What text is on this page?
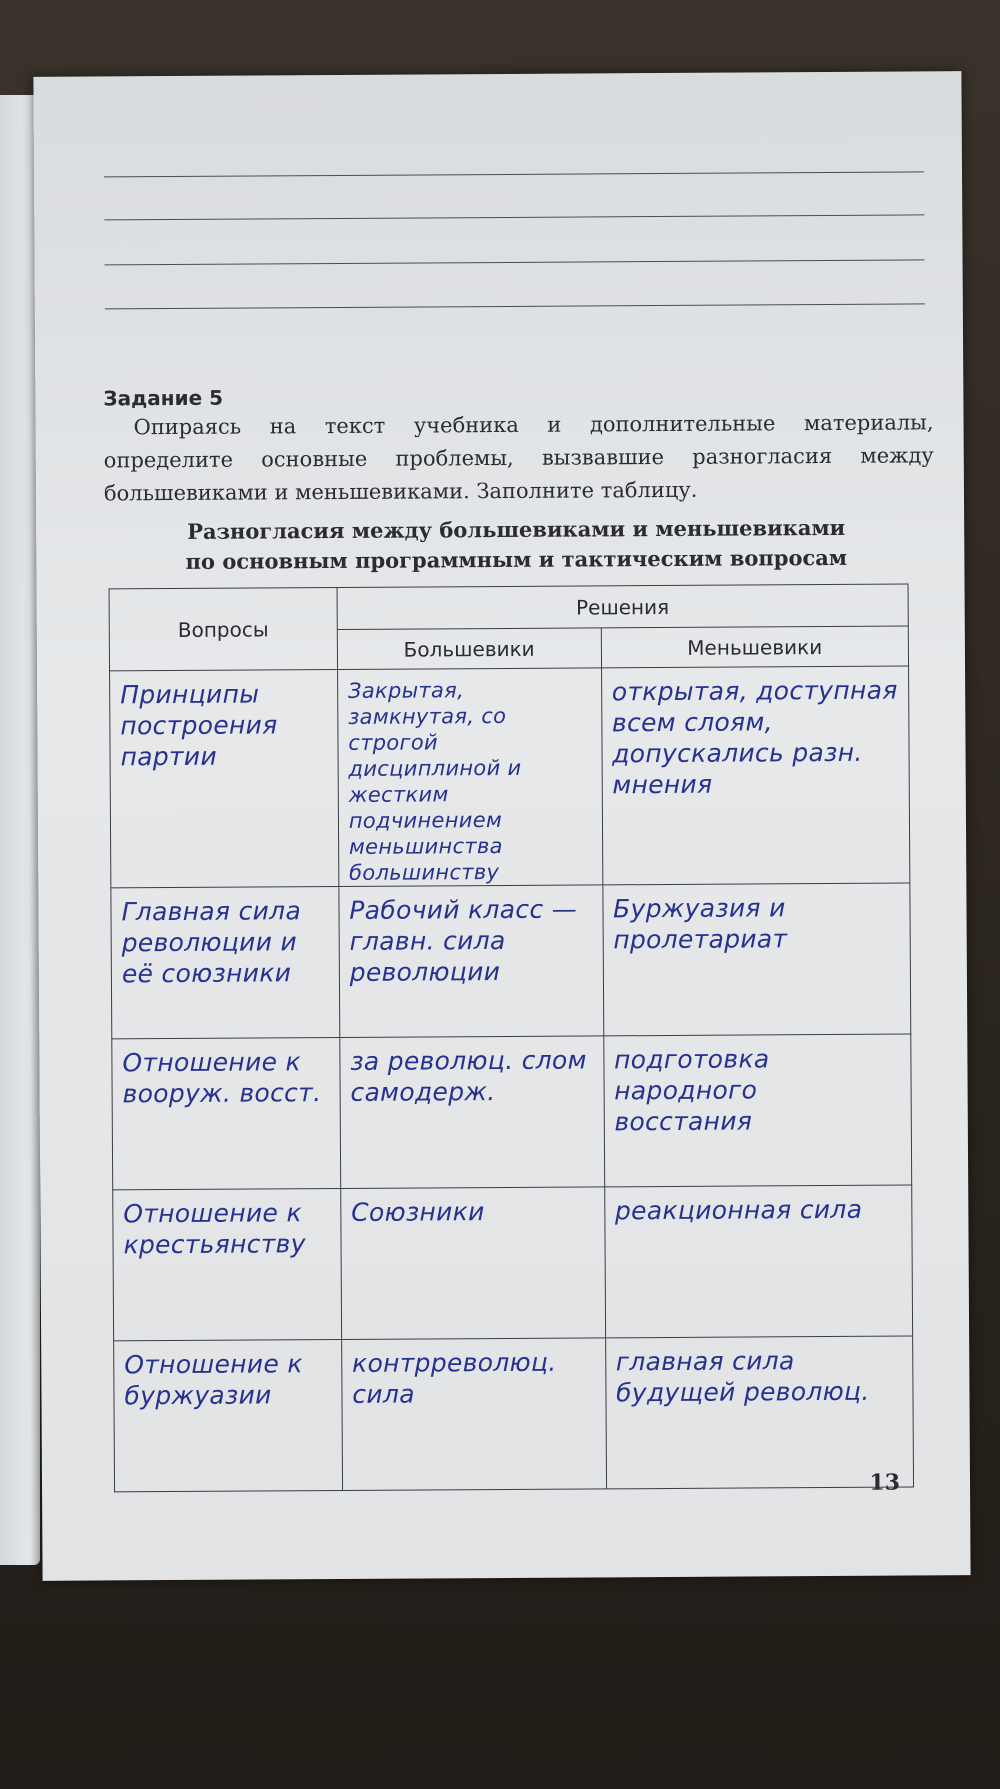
Задание 5
Опираясь на текст учебника и дополнительные материалы, определите основные проблемы, вызвавшие разногласия между большевиками и меньшевиками. Заполните таблицу.
Разногласия между большевиками и меньшевиками
по основным программным и тактическим вопросам
Вопросы	Решения	
	Большевики	Меньшевики

Принципы построения партии	Закрытая, замкнутая, со строгой дисциплиной и жестким подчинением меньшинства большинству	открытая, доступная всем слоям, допускались разн. мнения

Главная сила революции и её союзники	Рабочий класс — главн. сила революции	Буржуазия и пролетариат

Отношение к вооруж. восст.	за революц. слом самодерж.	подготовка народного восстания

Отношение к крестьянству	Союзники	реакционная сила

Отношение к буржуазии	контрреволюц. сила	главная сила будущей революц.
13
